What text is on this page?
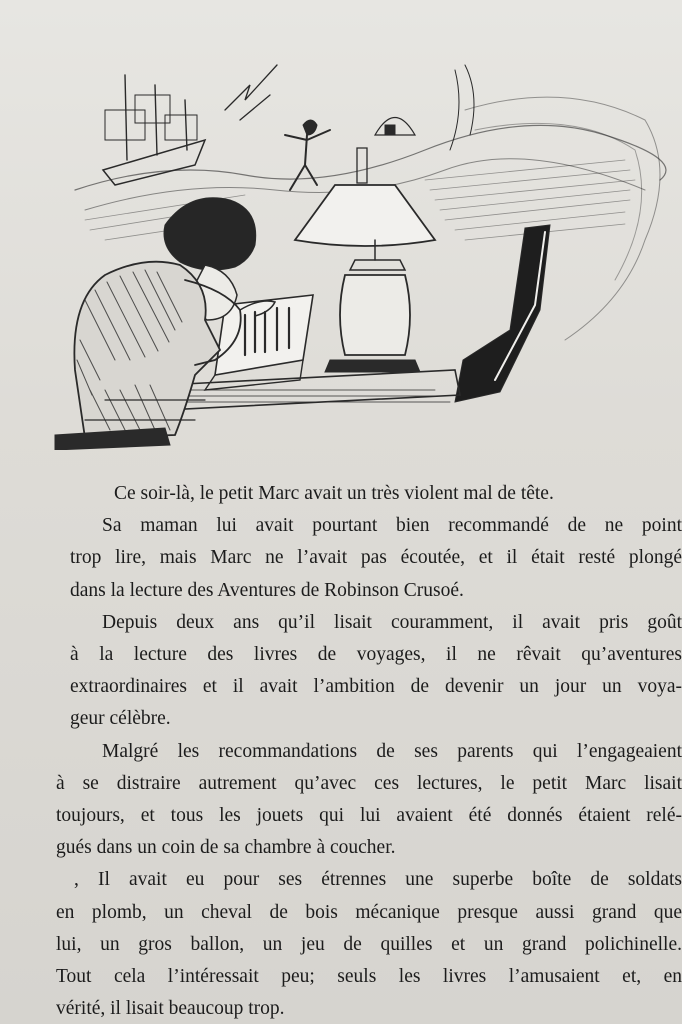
Ce soir-là, le petit Marc avait un très violent mal de tête.
Sa maman lui avait pourtant bien recommandé de ne point
trop lire, mais Marc ne l’avait pas écoutée, et il était resté plongé
dans la lecture des Aventures de Robinson Crusoé.
Depuis deux ans qu’il lisait couramment, il avait pris goût
à la lecture des livres de voyages, il ne rêvait qu’aventures
extraordinaires et il avait l’ambition de devenir un jour un voya-
geur célèbre.
Malgré les recommandations de ses parents qui l’engageaient
à se distraire autrement qu’avec ces lectures, le petit Marc lisait
toujours, et tous les jouets qui lui avaient été donnés étaient relé-
gués dans un coin de sa chambre à coucher.
, Il avait eu pour ses étrennes une superbe boîte de soldats
en plomb, un cheval de bois mécanique presque aussi grand que
lui, un gros ballon, un jeu de quilles et un grand polichinelle.
Tout cela l’intéressait peu; seuls les livres l’amusaient et, en
vérité, il lisait beaucoup trop.
